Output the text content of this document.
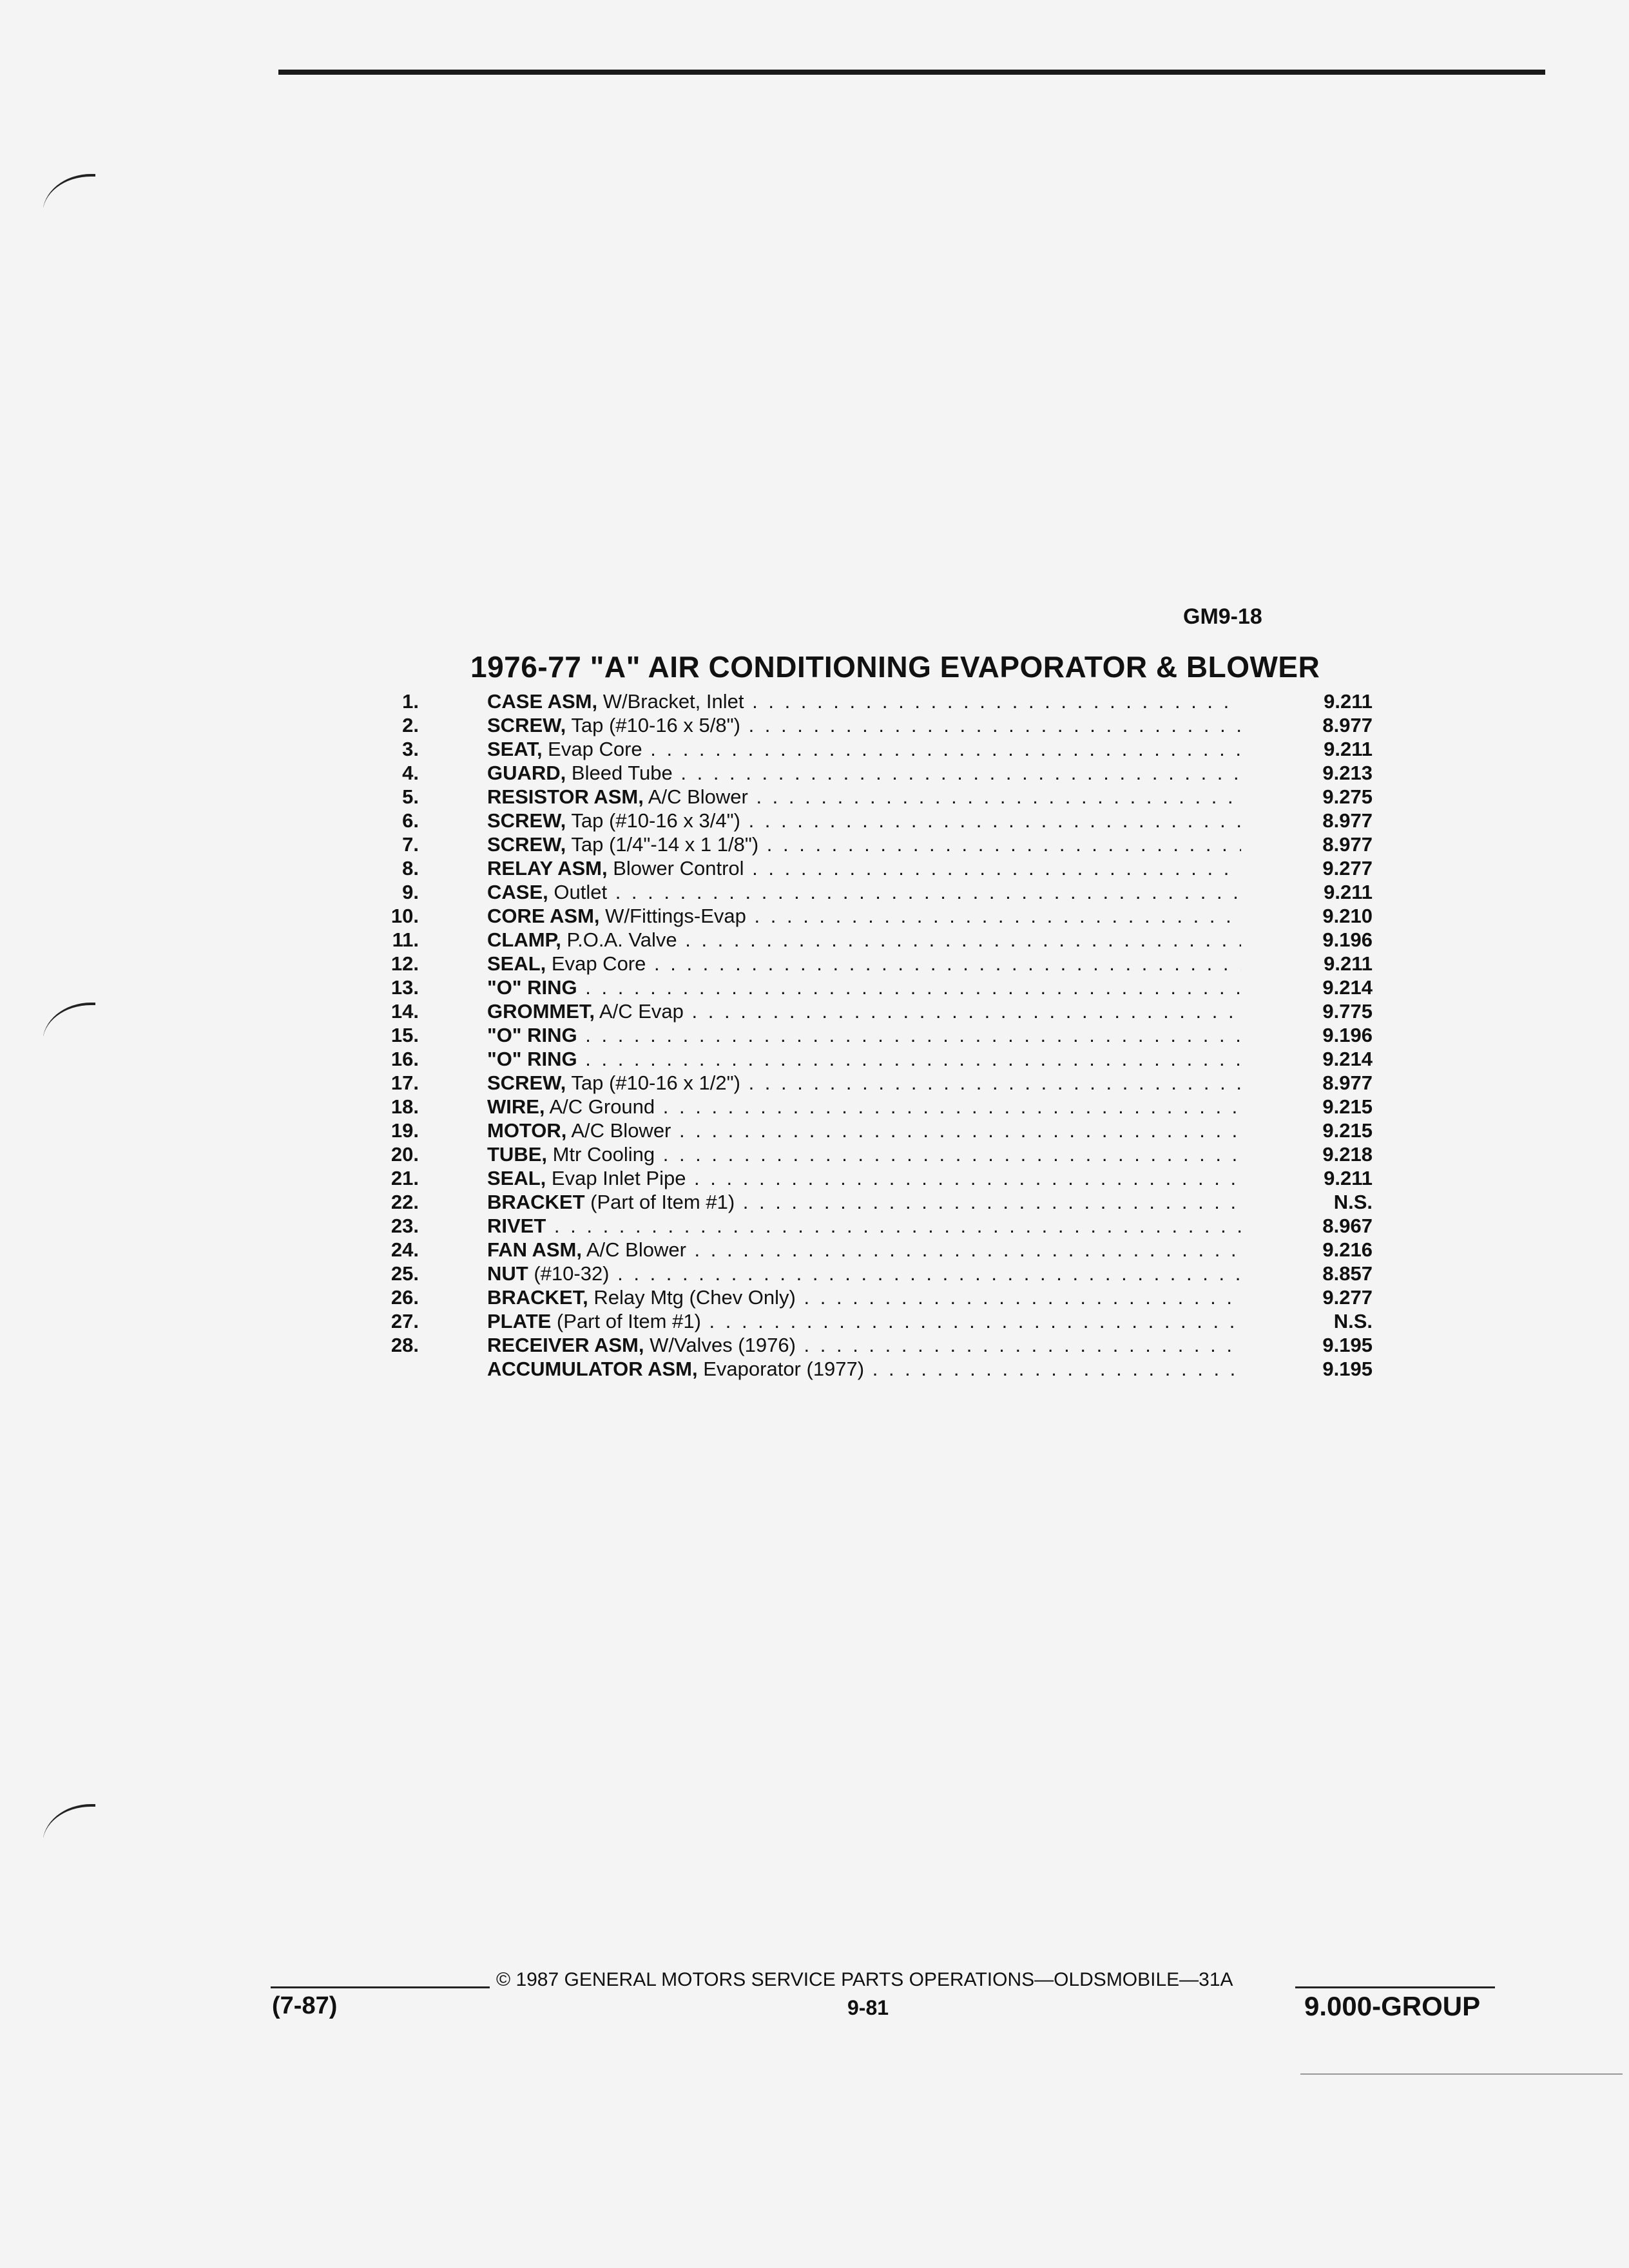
GM9-18
1976-77 "A" AIR CONDITIONING EVAPORATOR & BLOWER
1.	CASE ASM, W/Bracket, Inlet . . .	9.211
2.	SCREW, Tap (#10-16 x 5/8") . . .	8.977
3.	SEAT, Evap Core . . .	9.211
4.	GUARD, Bleed Tube . . .	9.213
5.	RESISTOR ASM, A/C Blower . . .	9.275
6.	SCREW, Tap (#10-16 x 3/4") . . .	8.977
7.	SCREW, Tap (1/4"-14 x 1 1/8") . . .	8.977
8.	RELAY ASM, Blower Control . . .	9.277
9.	CASE, Outlet . . .	9.211
10.	CORE ASM, W/Fittings-Evap . . .	9.210
11.	CLAMP, P.O.A. Valve . . .	9.196
12.	SEAL, Evap Core . . .	9.211
13.	"O" RING . . .	9.214
14.	GROMMET, A/C Evap . . .	9.775
15.	"O" RING . . .	9.196
16.	"O" RING . . .	9.214
17.	SCREW, Tap (#10-16 x 1/2") . . .	8.977
18.	WIRE, A/C Ground . . .	9.215
19.	MOTOR, A/C Blower . . .	9.215
20.	TUBE, Mtr Cooling . . .	9.218
21.	SEAL, Evap Inlet Pipe . . .	9.211
22.	BRACKET (Part of Item #1) . . .	N.S.
23.	RIVET . . .	8.967
24.	FAN ASM, A/C Blower . . .	9.216
25.	NUT (#10-32) . . .	8.857
26.	BRACKET, Relay Mtg (Chev Only) . . .	9.277
27.	PLATE (Part of Item #1) . . .	N.S.
28.	RECEIVER ASM, W/Valves (1976) . . .	9.195
ACCUMULATOR ASM, Evaporator (1977) . . .	9.195
© 1987 GENERAL MOTORS SERVICE PARTS OPERATIONS—OLDSMOBILE—31A
(7-87)	9-81	9.000-GROUP
